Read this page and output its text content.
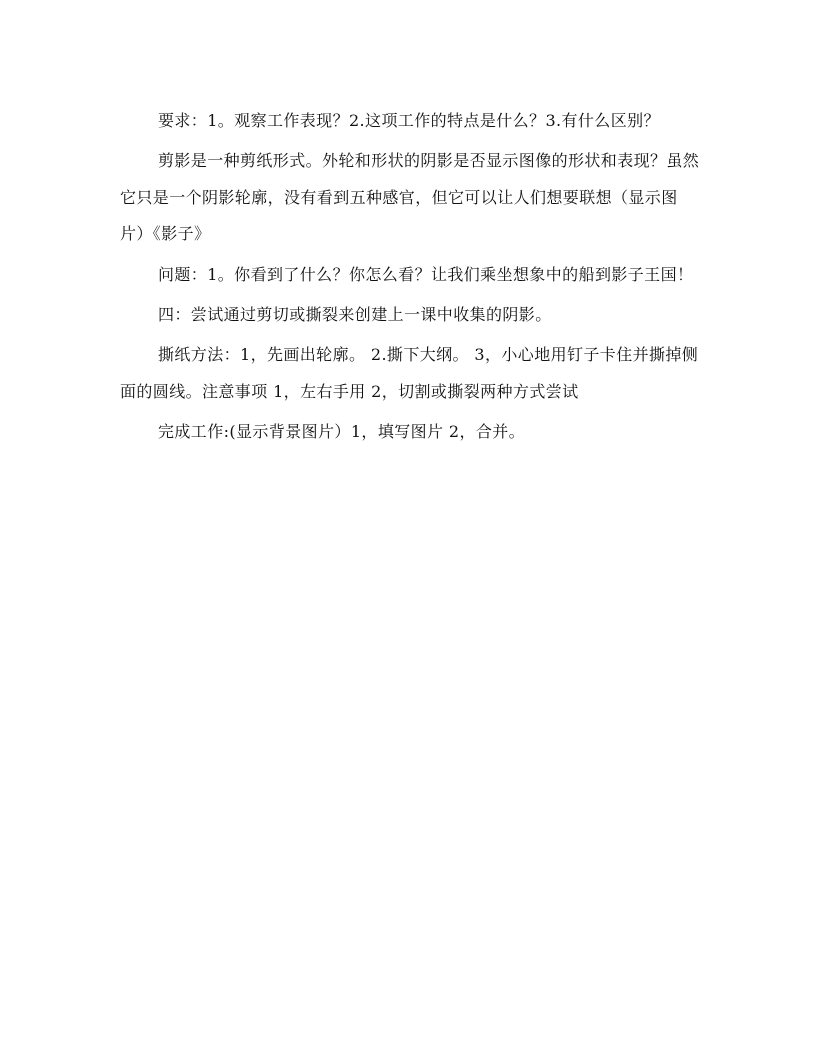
要求：1。观察工作表现？2.这项工作的特点是什么？3.有什么区别？

剪影是一种剪纸形式。外轮和形状的阴影是否显示图像的形状和表现？虽然它只是一个阴影轮廓，没有看到五种感官，但它可以让人们想要联想（显示图片）《影子》

问题：1。你看到了什么？你怎么看？让我们乘坐想象中的船到影子王国！

四：尝试通过剪切或撕裂来创建上一课中收集的阴影。

撕纸方法：1，先画出轮廓。 2.撕下大纲。 3，小心地用钉子卡住并撕掉侧面的圆线。注意事项 1，左右手用 2，切割或撕裂两种方式尝试

完成工作:(显示背景图片）1，填写图片 2，合并。
